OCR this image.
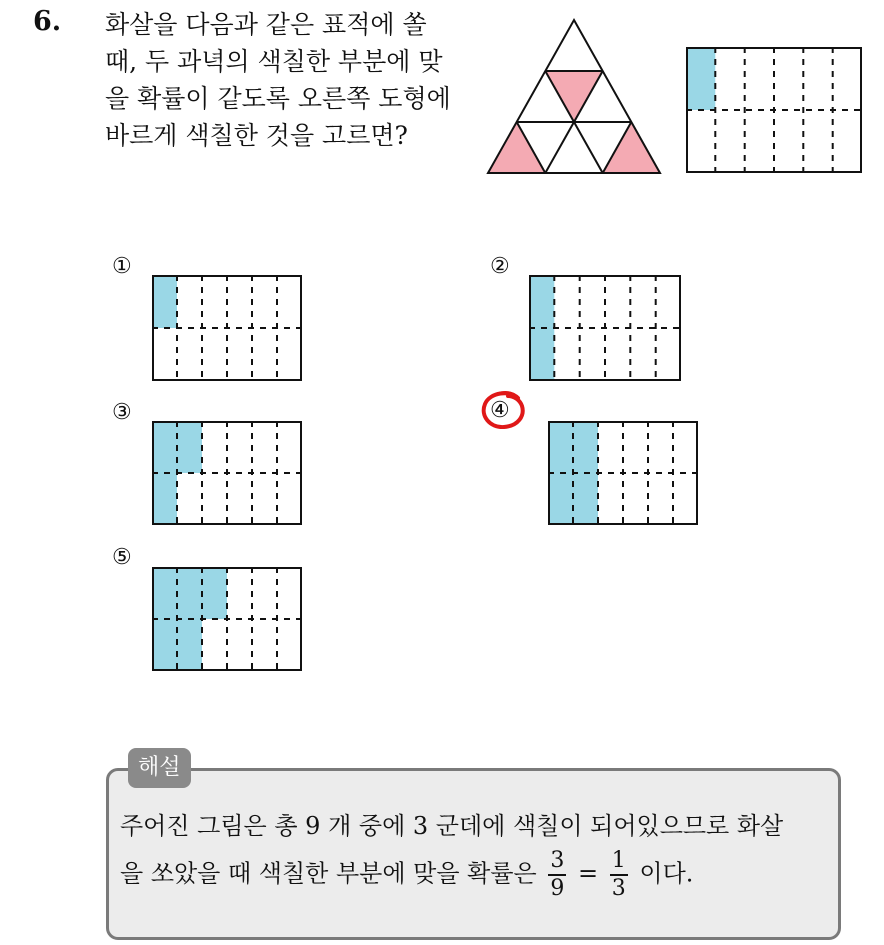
6. 화살을 다음과 같은 표적에 쏠
때, 두 과녁의 색칠한 부분에 맞
을 확률이 같도록 오른쪽 도형에
바르게 색칠한 것을 고르면?
①	②
③	④
⑤
해설
주어진 그림은 총 9 개 중에 3 군데에 색칠이 되어있으므로 화살
을 쏘았을 때 색칠한 부분에 맞을 확률은 $\frac{3}{9} = \frac{1}{3}$ 이다.
